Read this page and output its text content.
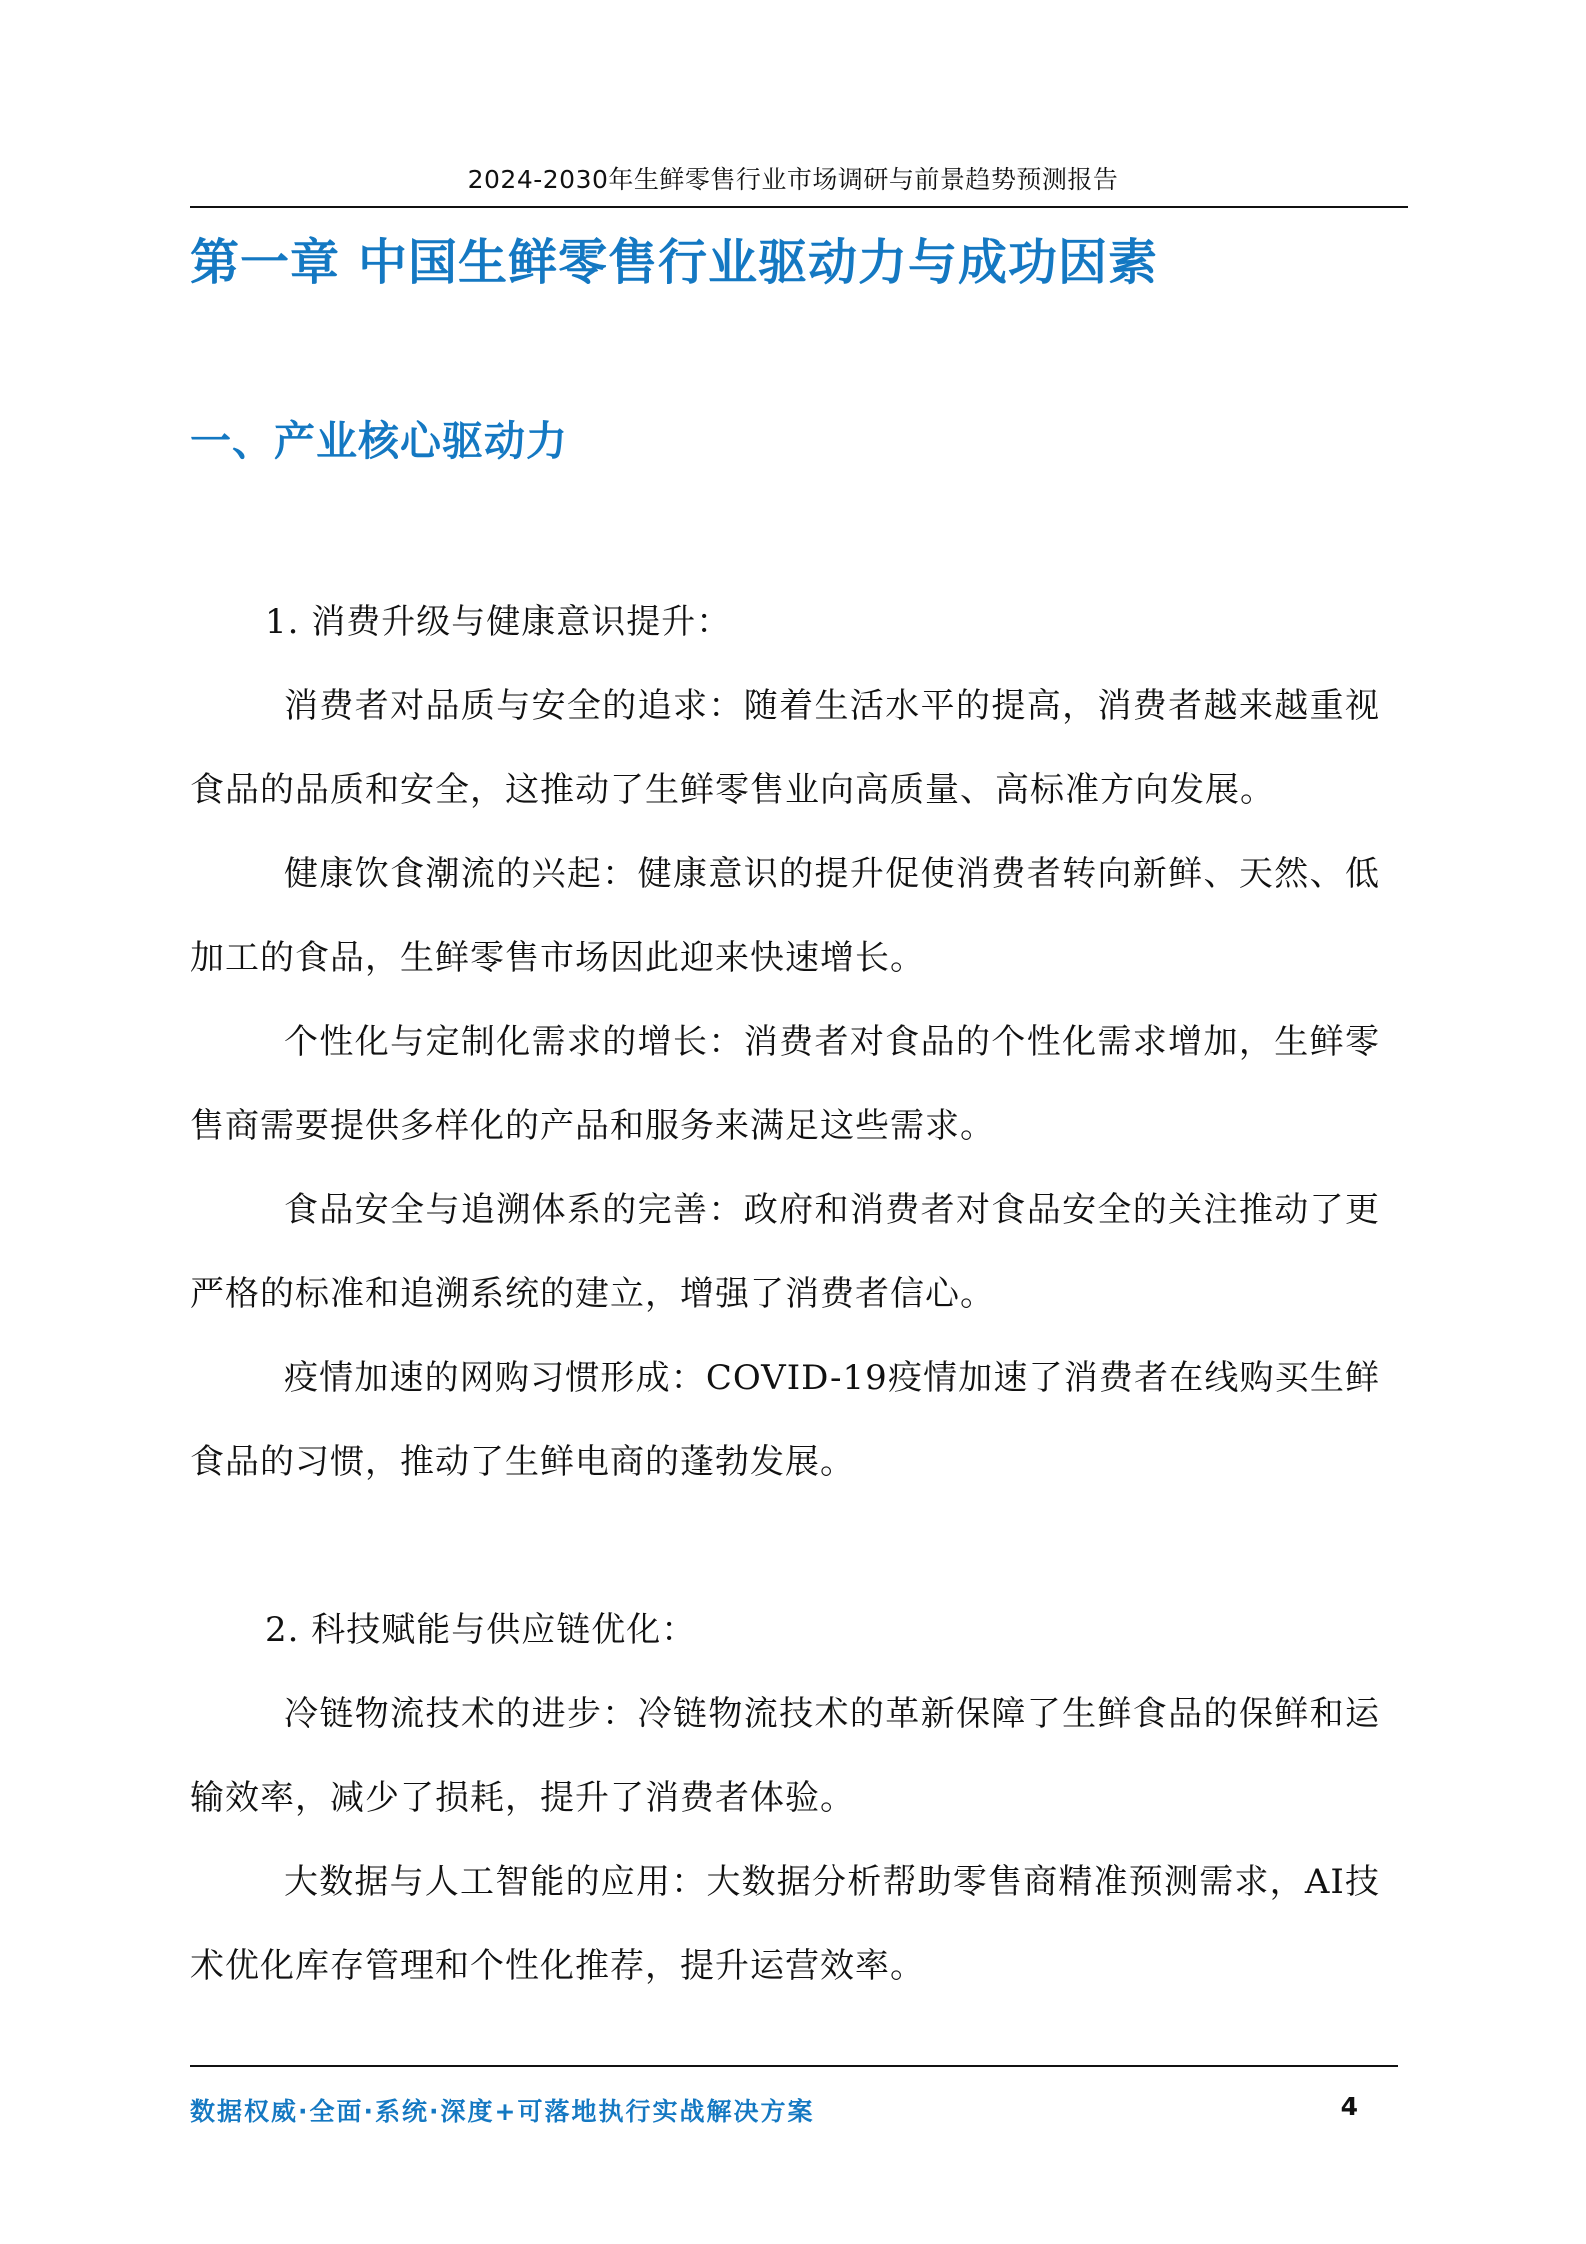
2024-2030年生鲜零售行业市场调研与前景趋势预测报告
第一章 中国生鲜零售行业驱动力与成功因素
一、产业核心驱动力

1. 消费升级与健康意识提升：

消费者对品质与安全的追求：随着生活水平的提高，消费者越来越重视食品的品质和安全，这推动了生鲜零售业向高质量、高标准方向发展。

健康饮食潮流的兴起：健康意识的提升促使消费者转向新鲜、天然、低加工的食品，生鲜零售市场因此迎来快速增长。

个性化与定制化需求的增长：消费者对食品的个性化需求增加，生鲜零售商需要提供多样化的产品和服务来满足这些需求。

食品安全与追溯体系的完善：政府和消费者对食品安全的关注推动了更严格的标准和追溯系统的建立，增强了消费者信心。

疫情加速的网购习惯形成：COVID-19疫情加速了消费者在线购买生鲜食品的习惯，推动了生鲜电商的蓬勃发展。

2. 科技赋能与供应链优化：

冷链物流技术的进步：冷链物流技术的革新保障了生鲜食品的保鲜和运输效率，减少了损耗，提升了消费者体验。

大数据与人工智能的应用：大数据分析帮助零售商精准预测需求，AI技术优化库存管理和个性化推荐，提升运营效率。

数据权威·全面·系统·深度+可落地执行实战解决方案	4
